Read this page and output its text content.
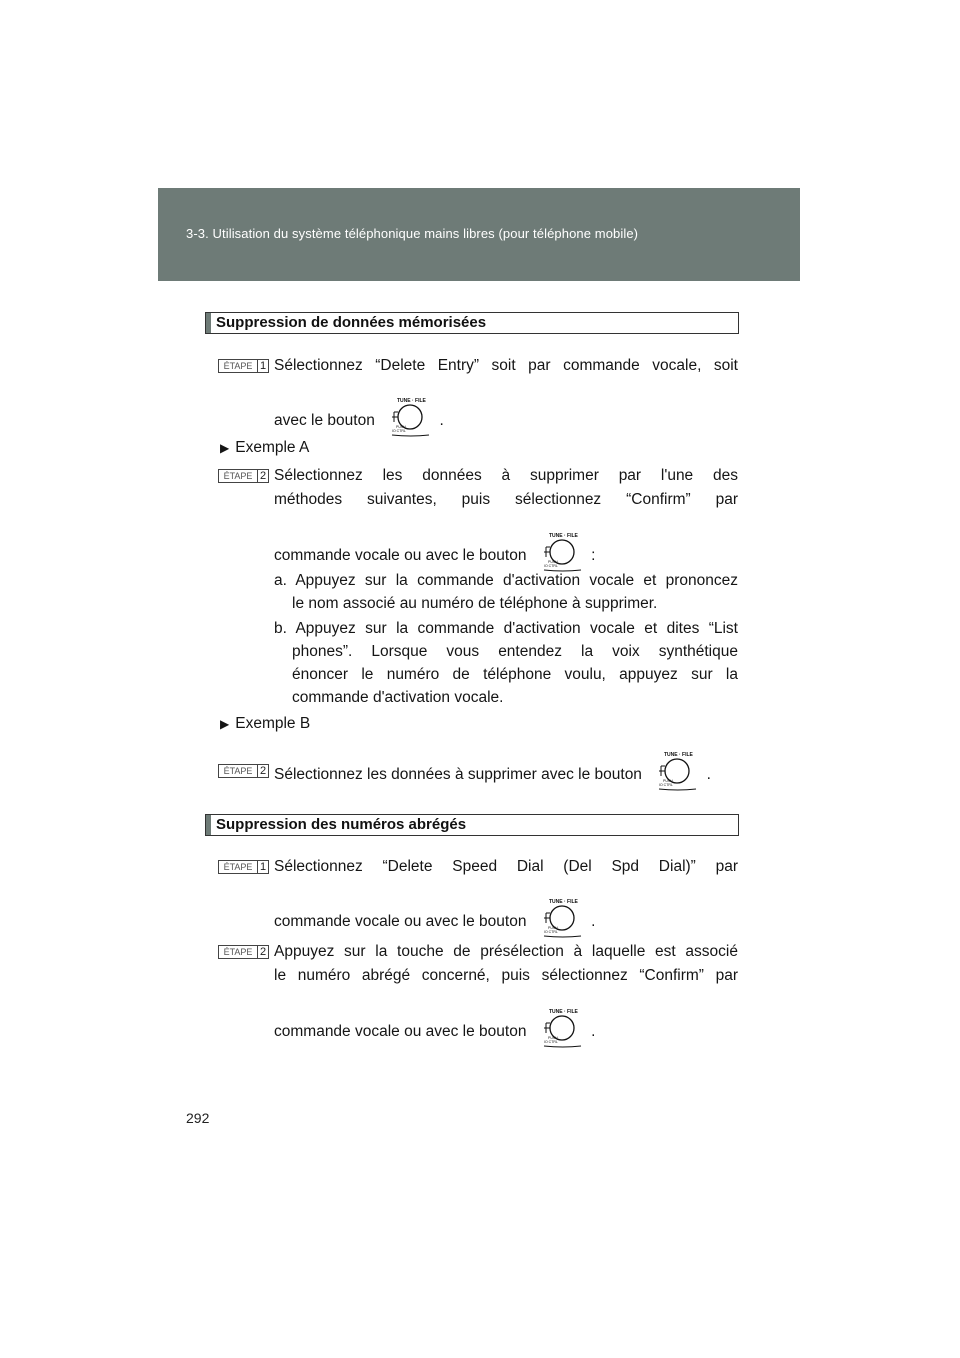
3-3. Utilisation du système téléphonique mains libres (pour téléphone mobile)
Suppression de données mémorisées
ÉTAPE 1 Sélectionnez “Delete Entry” soit par commande vocale, soit
avec le bouton
TUNE · FILE
PUSH
IO CTRL
.
▶ Exemple A
ÉTAPE 2 Sélectionnez les données à supprimer par l'une des
méthodes suivantes, puis sélectionnez “Confirm” par
commande vocale ou avec le bouton
TUNE · FILE
PUSH
IO CTRL
:
a. Appuyez sur la commande d'activation vocale et prononcez
le nom associé au numéro de téléphone à supprimer.
b. Appuyez sur la commande d'activation vocale et dites “List
phones”. Lorsque vous entendez la voix synthétique
énoncer le numéro de téléphone voulu, appuyez sur la
commande d'activation vocale.
▶ Exemple B
ÉTAPE 2 Sélectionnez les données à supprimer avec le bouton
TUNE · FILE
PUSH
IO CTRL
.
Suppression des numéros abrégés
ÉTAPE 1 Sélectionnez “Delete Speed Dial (Del Spd Dial)” par
commande vocale ou avec le bouton
TUNE · FILE
PUSH
IO CTRL
.
ÉTAPE 2 Appuyez sur la touche de présélection à laquelle est associé
le numéro abrégé concerné, puis sélectionnez “Confirm” par
commande vocale ou avec le bouton
TUNE · FILE
PUSH
IO CTRL
.
292
